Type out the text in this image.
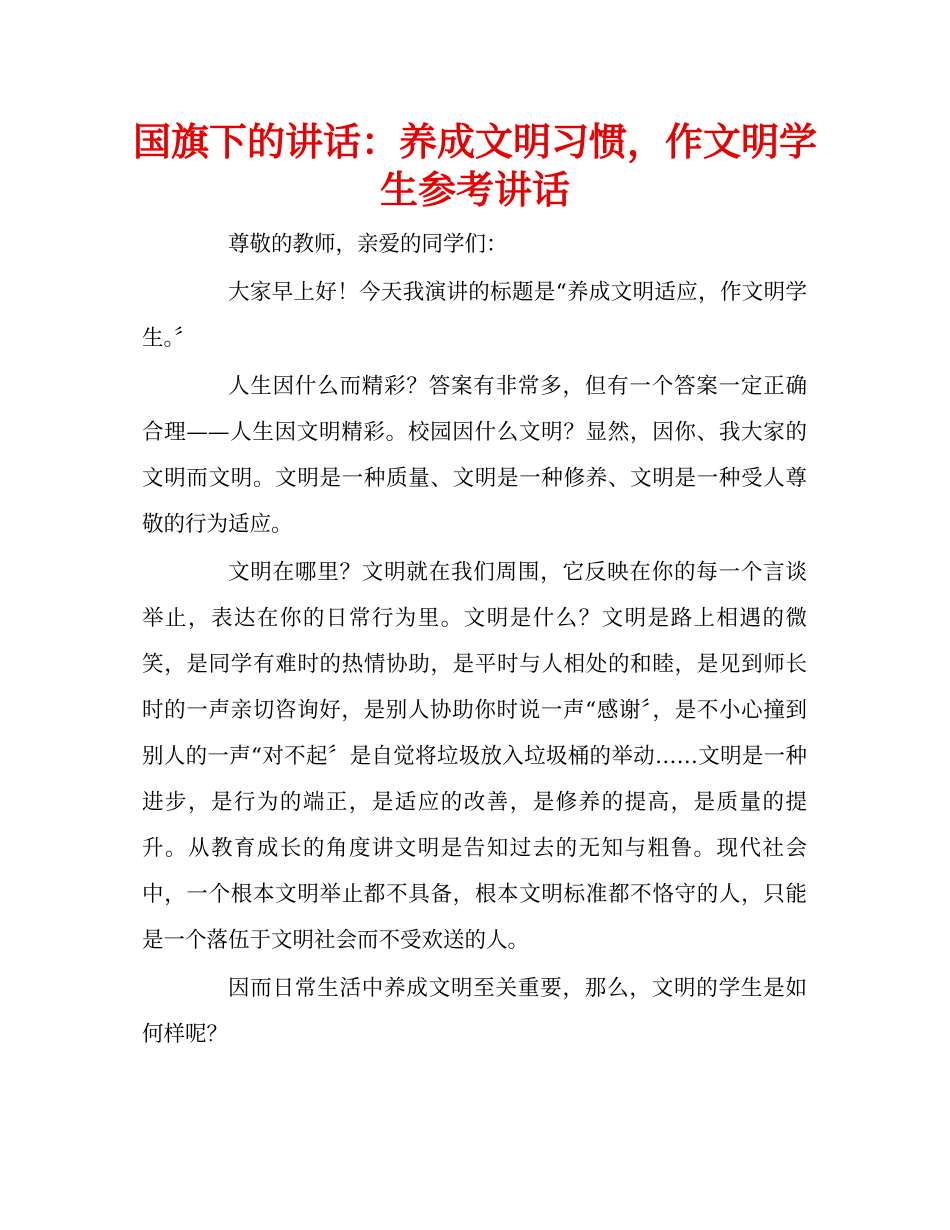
国旗下的讲话：养成文明习惯，作文明学生参考讲话

尊敬的教师，亲爱的同学们：

大家早上好！今天我演讲的标题是“养成文明适应，作文明学生。〞

人生因什么而精彩？答案有非常多，但有一个答案一定正确合理——人生因文明精彩。校园因什么文明？显然，因你、我大家的文明而文明。文明是一种质量、文明是一种修养、文明是一种受人尊敬的行为适应。

文明在哪里？文明就在我们周围，它反映在你的每一个言谈举止，表达在你的日常行为里。文明是什么？文明是路上相遇的微笑，是同学有难时的热情协助，是平时与人相处的和睦，是见到师长时的一声亲切咨询好，是别人协助你时说一声“感谢〞，是不小心撞到别人的一声“对不起〞是自觉将垃圾放入垃圾桶的举动……文明是一种进步，是行为的端正，是适应的改善，是修养的提高，是质量的提升。从教育成长的角度讲文明是告知过去的无知与粗鲁。现代社会中，一个根本文明举止都不具备，根本文明标准都不恪守的人，只能是一个落伍于文明社会而不受欢送的人。

因而日常生活中养成文明至关重要，那么，文明的学生是如何样呢？
